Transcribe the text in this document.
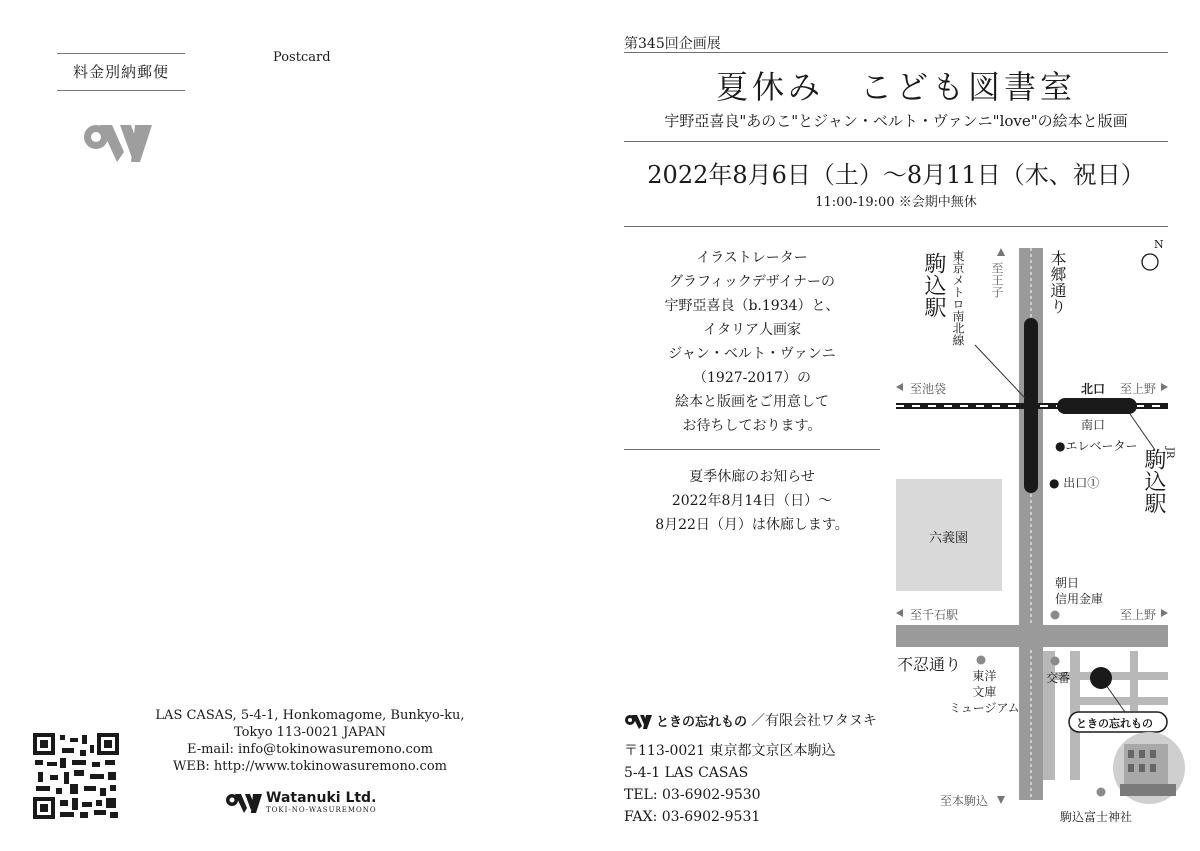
料金別納郵便
Postcard
LAS CASAS, 5-4-1, Honkomagome, Bunkyo-ku,
Tokyo 113-0021 JAPAN
E-mail: info@tokinowasuremono.com
WEB: http://www.tokinowasuremono.com
Watanuki Ltd.
TOKI-NO-WASUREMONO
第345回企画展
夏休み　こども図書室
宇野亞喜良"あのこ"とジャン・ベルト・ヴァンニ"love"の絵本と版画
2022年8月6日（土）〜8月11日（木、祝日）
11:00-19:00 ※会期中無休
イラストレーター
グラフィックデザイナーの
宇野亞喜良（b.1934）と、
イタリア人画家
ジャン・ベルト・ヴァンニ
（1927-2017）の
絵本と版画をご用意して
お待ちしております。
夏季休廊のお知らせ
2022年8月14日（日）〜
8月22日（月）は休廊します。
ときの忘れもの ／有限会社ワタヌキ
〒113-0021 東京都文京区本駒込
5-4-1 LAS CASAS
TEL: 03-6902-9530
FAX: 03-6902-9531
N
至王子	本郷通り
東京メトロ南北線
駒込駅
至池袋	北口 至上野
南口
●エレベーター
● 出口①
JR
駒込駅
六義園
朝日
信用金庫
至千石駅	至上野
不忍通り
東洋
文庫
ミュージアム
交番
ときの忘れもの
至本駒込
駒込富士神社
